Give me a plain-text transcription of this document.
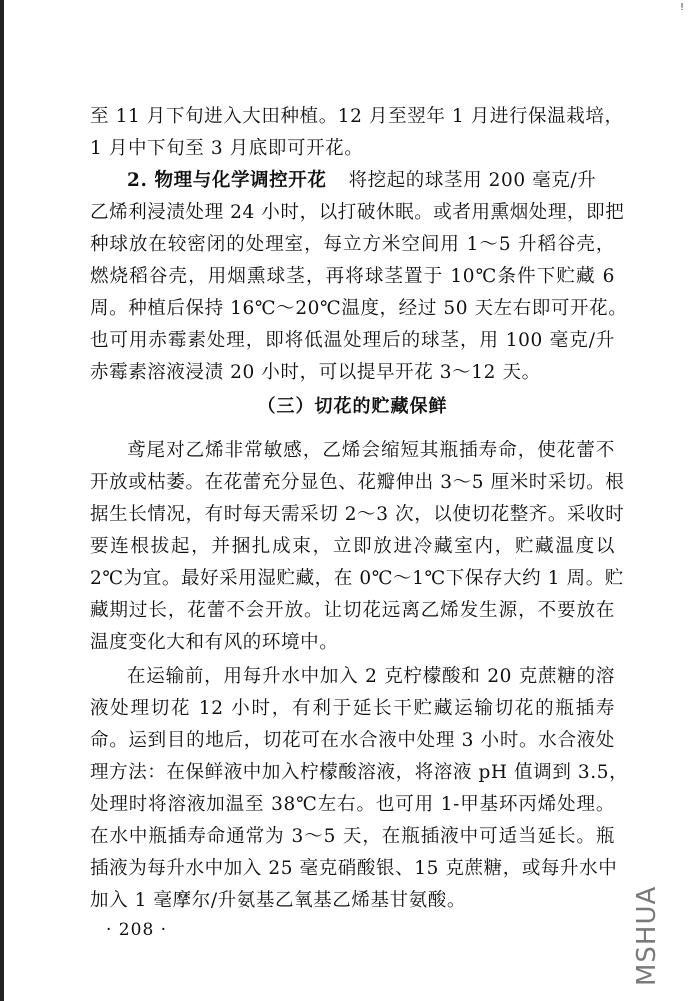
!
至 11 月下旬进入大田种植。12 月至翌年 1 月进行保温栽培，
1 月中下旬至 3 月底即可开花。
2. 物理与化学调控开花 将挖起的球茎用 200 毫克/升
乙烯利浸渍处理 24 小时，以打破休眠。或者用熏烟处理，即把
种球放在较密闭的处理室，每立方米空间用 1～5 升稻谷壳，
燃烧稻谷壳，用烟熏球茎，再将球茎置于 10℃条件下贮藏 6
周。种植后保持 16℃～20℃温度，经过 50 天左右即可开花。
也可用赤霉素处理，即将低温处理后的球茎，用 100 毫克/升
赤霉素溶液浸渍 20 小时，可以提早开花 3～12 天。
（三）切花的贮藏保鲜
鸢尾对乙烯非常敏感，乙烯会缩短其瓶插寿命，使花蕾不
开放或枯萎。在花蕾充分显色、花瓣伸出 3～5 厘米时采切。根
据生长情况，有时每天需采切 2～3 次，以使切花整齐。采收时
要连根拔起，并捆扎成束，立即放进冷藏室内，贮藏温度以
2℃为宜。最好采用湿贮藏，在 0℃～1℃下保存大约 1 周。贮
藏期过长，花蕾不会开放。让切花远离乙烯发生源，不要放在
温度变化大和有风的环境中。
在运输前，用每升水中加入 2 克柠檬酸和 20 克蔗糖的溶
液处理切花 12 小时，有利于延长干贮藏运输切花的瓶插寿
命。运到目的地后，切花可在水合液中处理 3 小时。水合液处
理方法：在保鲜液中加入柠檬酸溶液，将溶液 pH 值调到 3.5，
处理时将溶液加温至 38℃左右。也可用 1-甲基环丙烯处理。
在水中瓶插寿命通常为 3～5 天，在瓶插液中可适当延长。瓶
插液为每升水中加入 25 毫克硝酸银、15 克蔗糖，或每升水中
加入 1 毫摩尔/升氨基乙氧基乙烯基甘氨酸。
· 208 ·	MSHUA
